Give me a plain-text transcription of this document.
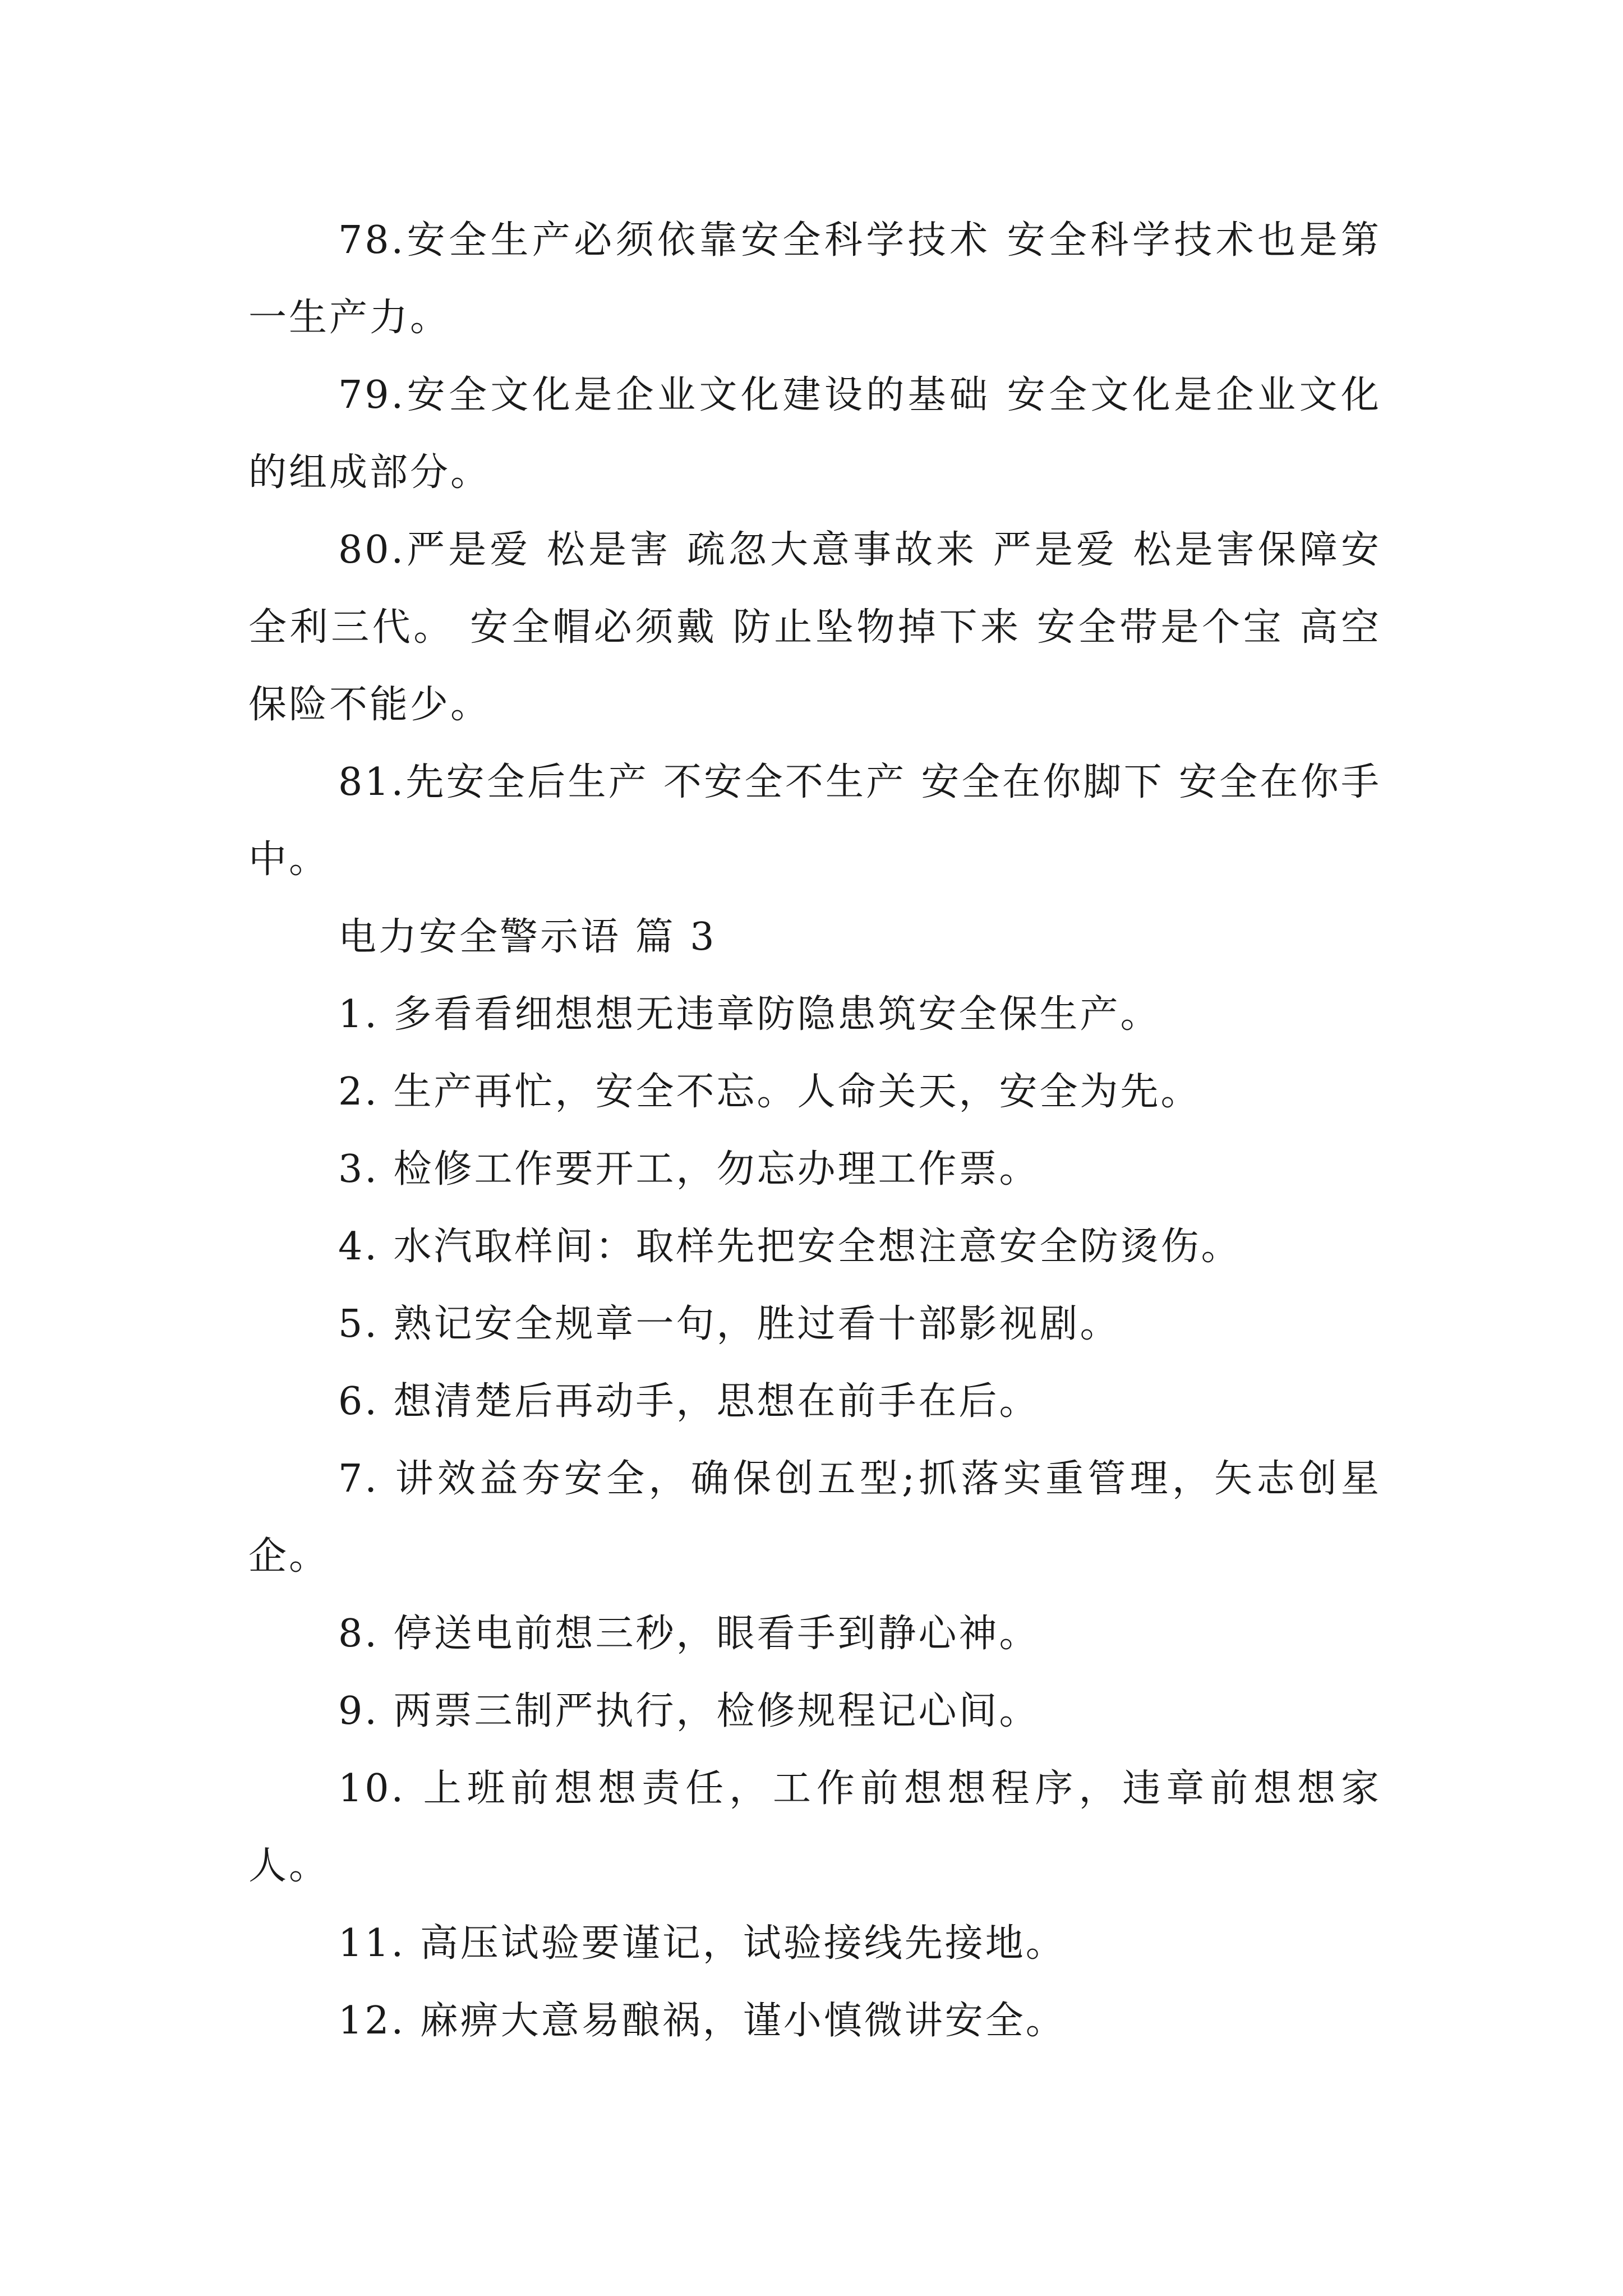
78.安全生产必须依靠安全科学技术 安全科学技术也是第一生产力。

79.安全文化是企业文化建设的基础 安全文化是企业文化的组成部分。

80.严是爱 松是害 疏忽大意事故来 严是爱 松是害保障安全利三代。 安全帽必须戴 防止坠物掉下来 安全带是个宝 高空保险不能少。

81.先安全后生产 不安全不生产 安全在你脚下 安全在你手中。

电力安全警示语 篇 3

1. 多看看细想想无违章防隐患筑安全保生产。

2. 生产再忙，安全不忘。人命关天，安全为先。

3. 检修工作要开工，勿忘办理工作票。

4. 水汽取样间：取样先把安全想注意安全防烫伤。

5. 熟记安全规章一句，胜过看十部影视剧。

6. 想清楚后再动手，思想在前手在后。

7. 讲效益夯安全，确保创五型;抓落实重管理，矢志创星企。

8. 停送电前想三秒，眼看手到静心神。

9. 两票三制严执行，检修规程记心间。

10. 上班前想想责任，工作前想想程序，违章前想想家人。

11. 高压试验要谨记，试验接线先接地。

12. 麻痹大意易酿祸，谨小慎微讲安全。
